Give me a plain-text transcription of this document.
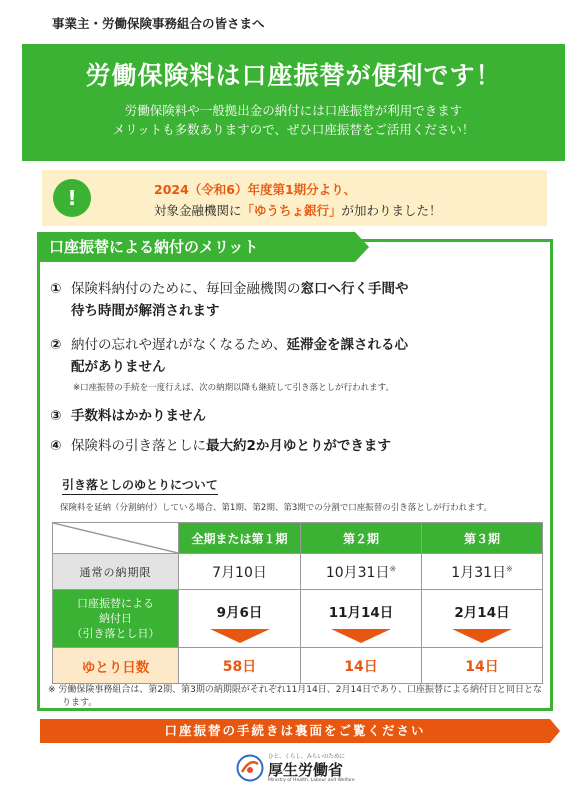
事業主・労働保険事務組合の皆さまへ
労働保険料は口座振替が便利です！
労働保険料や一般拠出金の納付には口座振替が利用できます
メリットも多数ありますので、ぜひ口座振替をご活用ください！
!	2024（令和6）年度第1期分より、
対象金融機関に「ゆうちょ銀行」が加わりました！
口座振替による納付のメリット
① 保険料納付のために、毎回金融機関の窓口へ行く手間や
待ち時間が解消されます
② 納付の忘れや遅れがなくなるため、延滞金を課される心
配がありません
※口座振替の手続を一度行えば、次の納期以降も継続して引き落としが行われます。
③ 手数料はかかりません
④ 保険料の引き落としに最大約2か月ゆとりができます
引き落としのゆとりについて
保険料を延納（分割納付）している場合、第1期、第2期、第3期での分割で口座振替の引き落としが行われます。
	全期または第１期	第２期	第３期
通常の納期限	7月10日	10月31日※	1月31日※

口座振替による
納付日
（引き落とし日）	9月6日	11月14日	2月14日

ゆとり日数	58日	14日	14日
※ 労働保険事務組合は、第2期、第3期の納期限がそれぞれ11月14日、2月14日であり、口座振替による納付日と同日となります。
口座振替の手続きは裏面をご覧ください
ひと、くらし、みらいのために
厚生労働省
Ministry of Health, Labour and Welfare
